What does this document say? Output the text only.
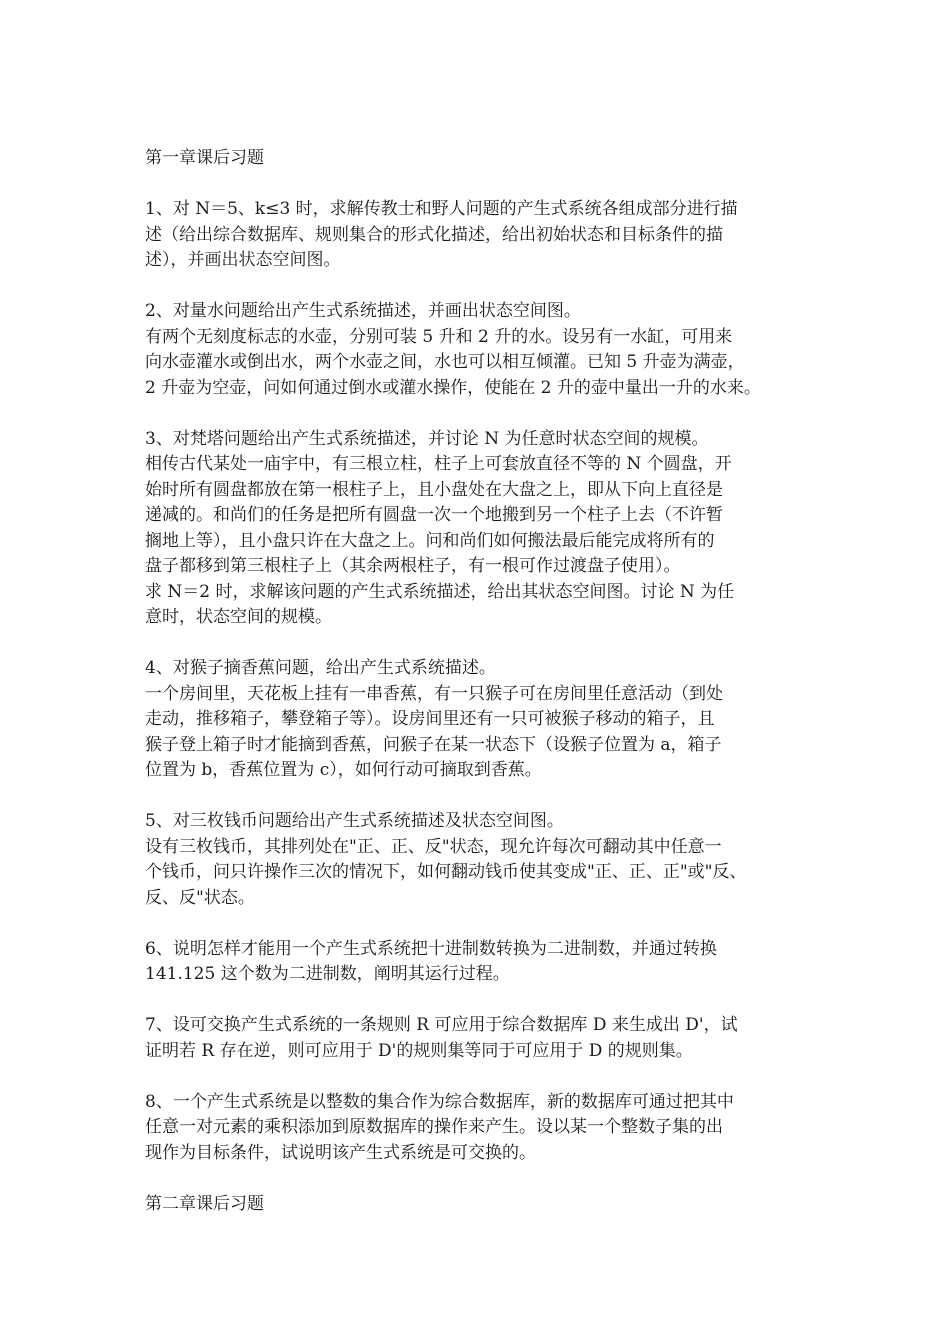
第一章课后习题
1、对 N＝5、k≤3 时，求解传教士和野人问题的产生式系统各组成部分进行描
述（给出综合数据库、规则集合的形式化描述，给出初始状态和目标条件的描
述），并画出状态空间图。
2、对量水问题给出产生式系统描述，并画出状态空间图。
有两个无刻度标志的水壶，分别可装 5 升和 2 升的水。设另有一水缸，可用来
向水壶灌水或倒出水，两个水壶之间，水也可以相互倾灌。已知 5 升壶为满壶，
2 升壶为空壶，问如何通过倒水或灌水操作，使能在 2 升的壶中量出一升的水来。
3、对梵塔问题给出产生式系统描述，并讨论 N 为任意时状态空间的规模。
相传古代某处一庙宇中，有三根立柱，柱子上可套放直径不等的 N 个圆盘，开
始时所有圆盘都放在第一根柱子上，且小盘处在大盘之上，即从下向上直径是
递减的。和尚们的任务是把所有圆盘一次一个地搬到另一个柱子上去（不许暂
搁地上等），且小盘只许在大盘之上。问和尚们如何搬法最后能完成将所有的
盘子都移到第三根柱子上（其余两根柱子，有一根可作过渡盘子使用）。
求 N＝2 时，求解该问题的产生式系统描述，给出其状态空间图。讨论 N 为任
意时，状态空间的规模。
4、对猴子摘香蕉问题，给出产生式系统描述。
一个房间里，天花板上挂有一串香蕉，有一只猴子可在房间里任意活动（到处
走动，推移箱子，攀登箱子等）。设房间里还有一只可被猴子移动的箱子，且
猴子登上箱子时才能摘到香蕉，问猴子在某一状态下（设猴子位置为 a，箱子
位置为 b，香蕉位置为 c），如何行动可摘取到香蕉。
5、对三枚钱币问题给出产生式系统描述及状态空间图。
设有三枚钱币，其排列处在"正、正、反"状态，现允许每次可翻动其中任意一
个钱币，问只许操作三次的情况下，如何翻动钱币使其变成"正、正、正"或"反、
反、反"状态。
6、说明怎样才能用一个产生式系统把十进制数转换为二进制数，并通过转换
141.125 这个数为二进制数，阐明其运行过程。
7、设可交换产生式系统的一条规则 R 可应用于综合数据库 D 来生成出 D'，试
证明若 R 存在逆，则可应用于 D'的规则集等同于可应用于 D 的规则集。
8、一个产生式系统是以整数的集合作为综合数据库，新的数据库可通过把其中
任意一对元素的乘积添加到原数据库的操作来产生。设以某一个整数子集的出
现作为目标条件，试说明该产生式系统是可交换的。
第二章课后习题
